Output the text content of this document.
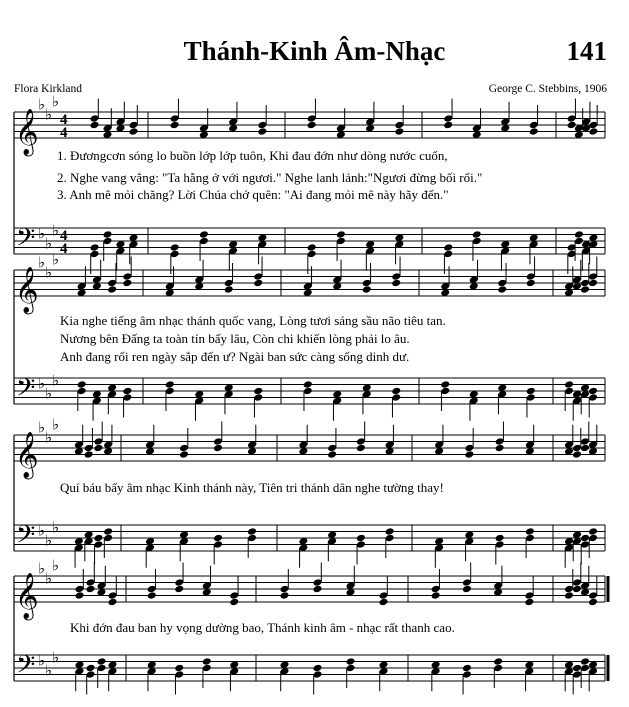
Thánh-Kinh Âm-Nhạc	141
Flora Kirkland	George C. Stebbins, 1906
𝄞
♭
♭
♭
4
4
𝄢 ♭
♭
♭ 4
4
1. Đươngcơn sóng lo buồn lớp lớp tuôn, Khi đau đớn như dòng nước cuốn,
2. Nghe vang vẳng: "Ta hằng ở với ngươi." Nghe lanh lảnh:"Ngươi đừng bối rối."
3. Anh mê mỏi chăng? Lời Chúa chớ quên: "Ai đang mỏi mê này hãy đến."
𝄞
♭
♭
♭
𝄢 ♭
♭
♭
Kia nghe tiếng âm nhạc thánh quốc vang, Lòng tươi sáng sầu não tiêu tan.
Nương bên Đấng ta toàn tín bấy lâu, Còn chi khiến lòng phải lo âu.
Anh đang rối ren ngày sắp đến ư? Ngài ban sức càng sống dinh dư.
𝄞
♭
♭
♭
𝄢 ♭
♭
♭
Quí báu bấy âm nhạc Kinh thánh này, Tiên tri thánh dân nghe tường thay!
𝄞
♭
♭
♭
𝄢 ♭
♭
♭
Khi đớn đau ban hy vọng dường bao, Thánh kinh âm - nhạc rất thanh cao.
